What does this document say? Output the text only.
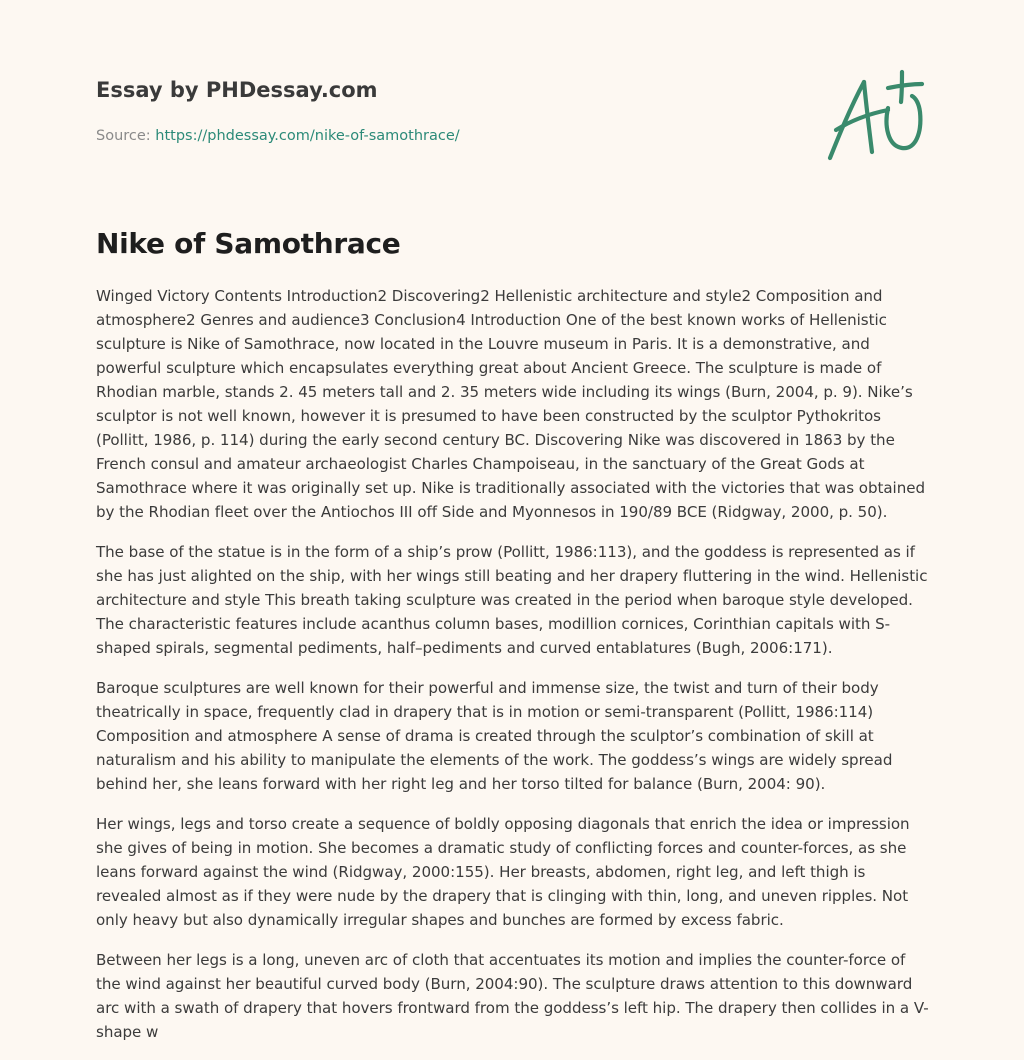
Essay by PHDessay.com
Source: https://phdessay.com/nike-of-samothrace/
Nike of Samothrace

Winged Victory Contents Introduction2 Discovering2 Hellenistic architecture and style2 Composition and atmosphere2 Genres and audience3 Conclusion4 Introduction One of the best known works of Hellenistic sculpture is Nike of Samothrace, now located in the Louvre museum in Paris. It is a demonstrative, and powerful sculpture which encapsulates everything great about Ancient Greece. The sculpture is made of Rhodian marble, stands 2. 45 meters tall and 2. 35 meters wide including its wings (Burn, 2004, p. 9). Nike’s sculptor is not well known, however it is presumed to have been constructed by the sculptor Pythokritos (Pollitt, 1986, p. 114) during the early second century BC. Discovering Nike was discovered in 1863 by the French consul and amateur archaeologist Charles Champoiseau, in the sanctuary of the Great Gods at Samothrace where it was originally set up. Nike is traditionally associated with the victories that was obtained by the Rhodian fleet over the Antiochos III off Side and Myonnesos in 190/89 BCE (Ridgway, 2000, p. 50).

The base of the statue is in the form of a ship’s prow (Pollitt, 1986:113), and the goddess is represented as if she has just alighted on the ship, with her wings still beating and her drapery fluttering in the wind. Hellenistic architecture and style This breath taking sculpture was created in the period when baroque style developed. The characteristic features include acanthus column bases, modillion cornices, Corinthian capitals with S-shaped spirals, segmental pediments, half–pediments and curved entablatures (Bugh, 2006:171).

Baroque sculptures are well known for their powerful and immense size, the twist and turn of their body theatrically in space, frequently clad in drapery that is in motion or semi-transparent (Pollitt, 1986:114) Composition and atmosphere A sense of drama is created through the sculptor’s combination of skill at naturalism and his ability to manipulate the elements of the work. The goddess’s wings are widely spread behind her, she leans forward with her right leg and her torso tilted for balance (Burn, 2004: 90).

Her wings, legs and torso create a sequence of boldly opposing diagonals that enrich the idea or impression she gives of being in motion. She becomes a dramatic study of conflicting forces and counter-forces, as she leans forward against the wind (Ridgway, 2000:155). Her breasts, abdomen, right leg, and left thigh is revealed almost as if they were nude by the drapery that is clinging with thin, long, and uneven ripples. Not only heavy but also dynamically irregular shapes and bunches are formed by excess fabric.

Between her legs is a long, uneven arc of cloth that accentuates its motion and implies the counter-force of the wind against her beautiful curved body (Burn, 2004:90). The sculpture draws attention to this downward arc with a swath of drapery that hovers frontward from the goddess’s left hip. The drapery then collides in a V-shape w
